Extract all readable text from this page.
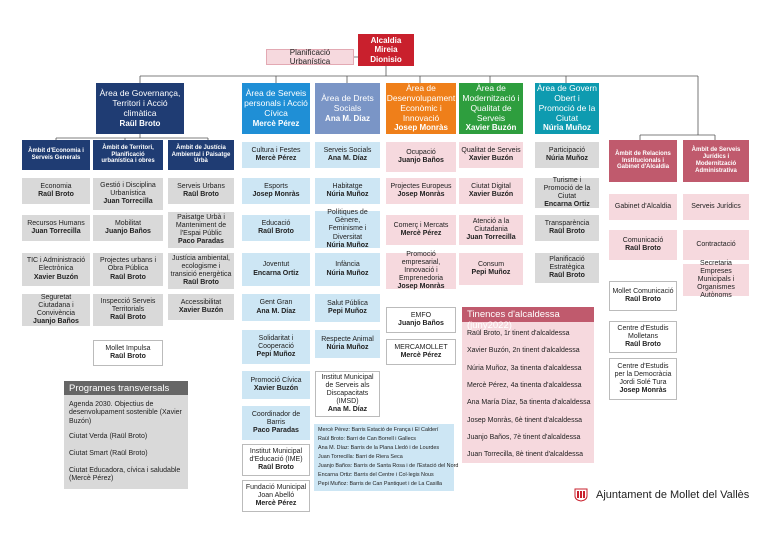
Alcaldia
Mireia Dionisio
Planificació Urbanística
Àrea de Governança, Territori i Acció climàtica
Raül Broto
Àrea de Serveis personals i Acció Cívica
Mercè Pérez
Àrea de Drets Socials
Ana M. Díaz
Àrea de Desenvolupament Econòmic i Innovació
Josep Monràs
Àrea de Modernització i Qualitat de Serveis
Xavier Buzón
Àrea de Govern Obert i Promoció de la Ciutat
Núria Muñoz
Àmbit d'Economia i Serveis Generals
Àmbit de Territori, Planificació urbanística i obres
Àmbit de Justícia Ambiental i Paisatge Urbà
Àmbit de Relacions Institucionals i Gabinet d'Alcaldia
Àmbit de Serveis Jurídics i Modernització Administrativa
Economia
Raül Broto
Recursos Humans
Juan Torrecilla
TIC i Administració Electrònica
Xavier Buzón
Seguretat Ciutadana i Convivència
Juanjo Baños
Gestió i Disciplina Urbanística
Juan Torrecilla
Mobilitat
Juanjo Baños
Projectes urbans i Obra Pública
Raül Broto
Inspecció Serveis Territorials
Raül Broto
Mollet Impulsa
Raül Broto
Serveis Urbans
Raül Broto
Paisatge Urbà i Manteniment de l'Espai Públic
Paco Paradas
Justícia ambiental, ecologisme i transició energètica
Raül Broto
Accessibilitat
Xavier Buzón
Cultura i Festes
Mercè Pérez
Esports
Josep Monràs
Educació
Raül Broto
Joventut
Encarna Ortiz
Gent Gran
Ana M. Díaz
Solidaritat i Cooperació
Pepi Muñoz
Promoció Cívica
Xavier Buzón
Coordinador de Barris
Paco Paradas
Institut Municipal d'Educació (IME)
Raül Broto
Fundació Municipal Joan Abelló
Mercè Pérez
Serveis Socials
Ana M. Díaz
Habitatge
Núria Muñoz
Polítiques de Gènere, Feminisme i Diversitat
Núria Muñoz
Infància
Núria Muñoz
Salut Pública
Pepi Muñoz
Respecte Animal
Núria Muñoz
Institut Municipal de Serveis als Discapacitats (IMSD)
Ana M. Díaz
Ocupació
Juanjo Baños
Projectes Europeus
Josep Monràs
Comerç i Mercats
Mercè Pérez
Promoció empresarial, Innovació i Emprenedoria
Josep Monràs
EMFO
Juanjo Baños
MERCAMOLLET
Mercè Pérez
Qualitat de Serveis
Xavier Buzón
Ciutat Digital
Xavier Buzón
Atenció a la Ciutadania
Juan Torrecilla
Consum
Pepi Muñoz
Participació
Núria Muñoz
Turisme i Promoció de la Ciutat
Encarna Ortiz
Transparència
Raül Broto
Planificació Estratègica
Raül Broto
Gabinet d'Alcaldia
Comunicació
Raül Broto
Mollet Comunicació
Raül Broto
Centre d'Estudis Molletans
Raül Broto
Centre d'Estudis per la Democràcia Jordi Solé Tura
Josep Monràs
Serveis Jurídics
Contractació
Secretaria Empreses Municipals i Organismes Autònoms
Programes transversals
Agenda 2030. Objectius de desenvolupament sostenible (Xavier Buzón)
Ciutat Verda (Raül Broto)
Ciutat Smart (Raül Broto)
Ciutat Educadora, cívica i saludable (Mercè Pérez)
Tinences d'alcaldessa (juny2022)
Raül Broto, 1r tinent d'alcaldessa
Xavier Buzón, 2n tinent d'alcaldessa
Núria Muñoz, 3a tinenta d'alcaldessa
Mercè Pérez, 4a tinenta d'alcaldessa
Ana María Díaz, 5a tinenta d'alcaldessa
Josep Monràs, 6è tinent d'alcaldessa
Juanjo Baños, 7è tinent d'alcaldessa
Juan Torrecilla, 8è tinent d'alcaldessa
Mercè Pérez: Barris Estació de França i El Calderí
Raül Broto: Barri de Can Borrell i Gallecs
Ana M. Díaz: Barris de la Plana Lledó i de Lourdes
Juan Torrecilla: Barri de Riera Seca
Juanjo Baños: Barris de Santa Rosa i de l'Estació del Nord
Encarna Ortiz: Barris del Centre i Col·legis Nous
Pepi Muñoz: Barris de Can Pantiquet i de La Casilla
Ajuntament de Mollet del Vallès
